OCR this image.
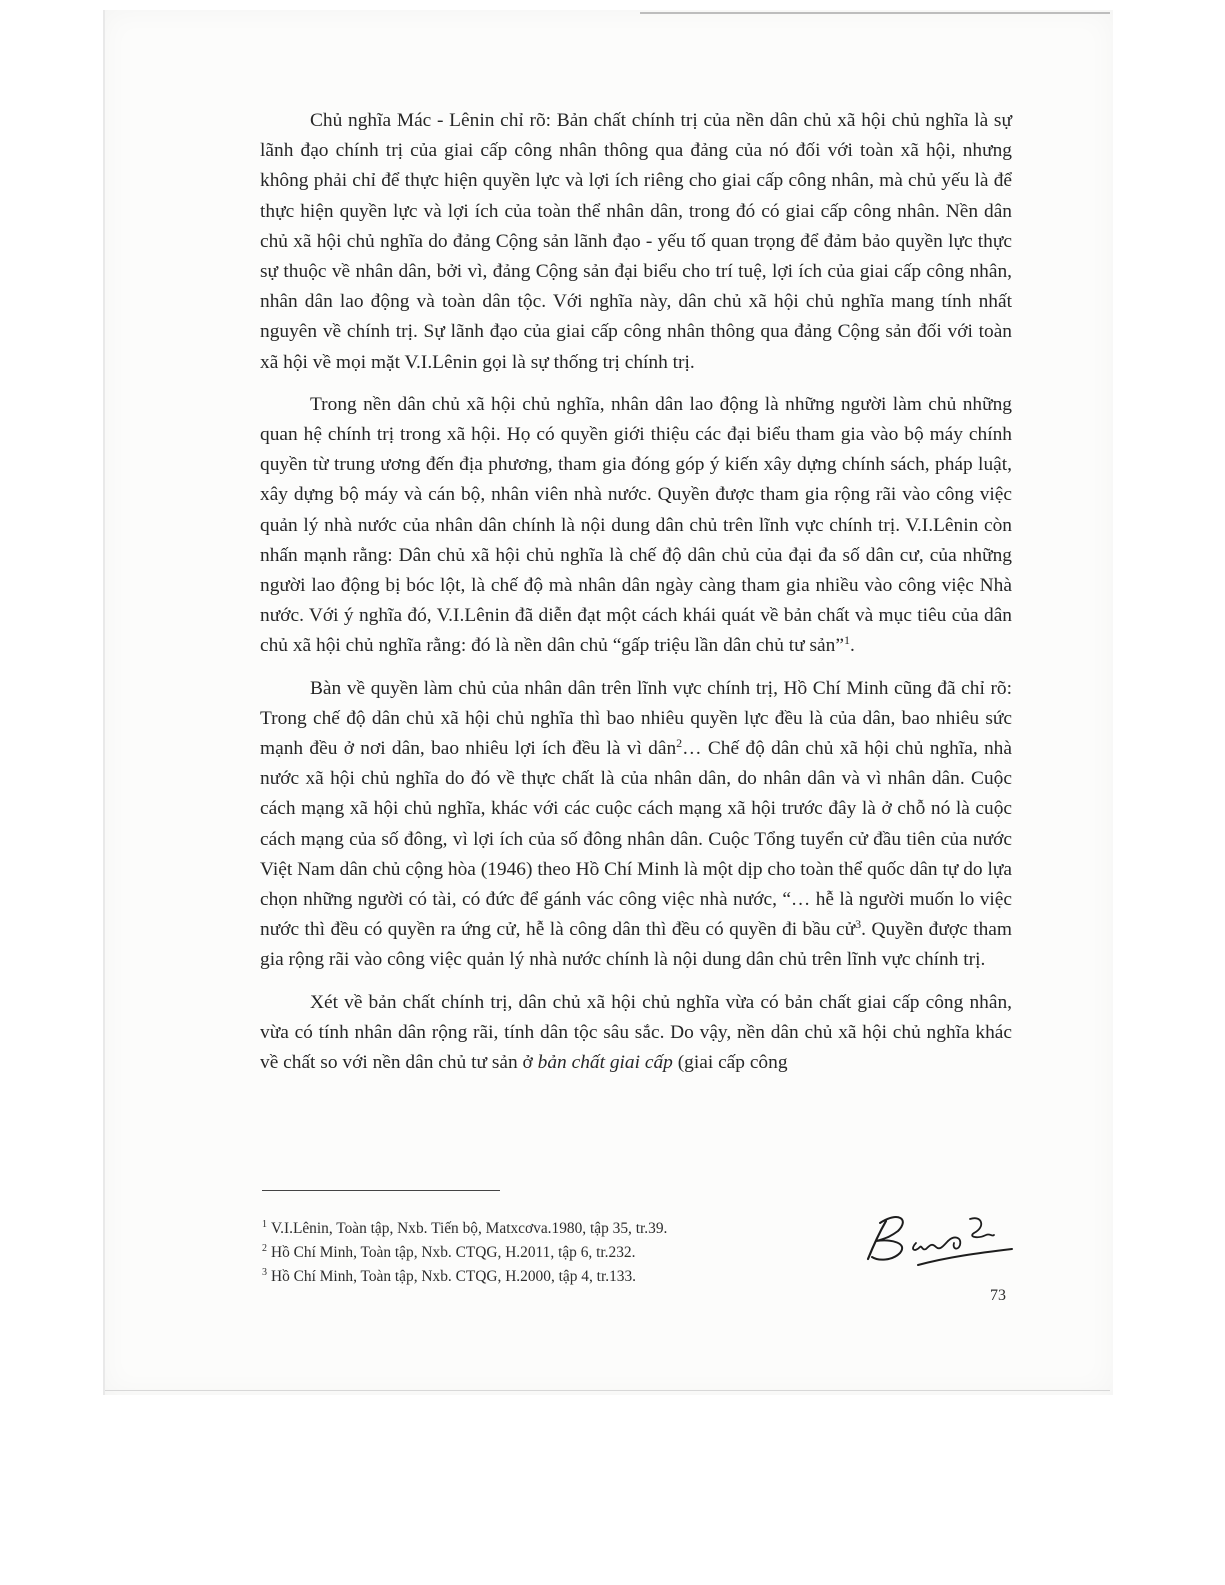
Chủ nghĩa Mác - Lênin chỉ rõ: Bản chất chính trị của nền dân chủ xã hội chủ nghĩa là sự lãnh đạo chính trị của giai cấp công nhân thông qua đảng của nó đối với toàn xã hội, nhưng không phải chỉ để thực hiện quyền lực và lợi ích riêng cho giai cấp công nhân, mà chủ yếu là để thực hiện quyền lực và lợi ích của toàn thể nhân dân, trong đó có giai cấp công nhân. Nền dân chủ xã hội chủ nghĩa do đảng Cộng sản lãnh đạo - yếu tố quan trọng để đảm bảo quyền lực thực sự thuộc về nhân dân, bởi vì, đảng Cộng sản đại biểu cho trí tuệ, lợi ích của giai cấp công nhân, nhân dân lao động và toàn dân tộc. Với nghĩa này, dân chủ xã hội chủ nghĩa mang tính nhất nguyên về chính trị. Sự lãnh đạo của giai cấp công nhân thông qua đảng Cộng sản đối với toàn xã hội về mọi mặt V.I.Lênin gọi là sự thống trị chính trị.

Trong nền dân chủ xã hội chủ nghĩa, nhân dân lao động là những người làm chủ những quan hệ chính trị trong xã hội. Họ có quyền giới thiệu các đại biểu tham gia vào bộ máy chính quyền từ trung ương đến địa phương, tham gia đóng góp ý kiến xây dựng chính sách, pháp luật, xây dựng bộ máy và cán bộ, nhân viên nhà nước. Quyền được tham gia rộng rãi vào công việc quản lý nhà nước của nhân dân chính là nội dung dân chủ trên lĩnh vực chính trị. V.I.Lênin còn nhấn mạnh rằng: Dân chủ xã hội chủ nghĩa là chế độ dân chủ của đại đa số dân cư, của những người lao động bị bóc lột, là chế độ mà nhân dân ngày càng tham gia nhiều vào công việc Nhà nước. Với ý nghĩa đó, V.I.Lênin đã diễn đạt một cách khái quát về bản chất và mục tiêu của dân chủ xã hội chủ nghĩa rằng: đó là nền dân chủ “gấp triệu lần dân chủ tư sản”$^1$.

Bàn về quyền làm chủ của nhân dân trên lĩnh vực chính trị, Hồ Chí Minh cũng đã chỉ rõ: Trong chế độ dân chủ xã hội chủ nghĩa thì bao nhiêu quyền lực đều là của dân, bao nhiêu sức mạnh đều ở nơi dân, bao nhiêu lợi ích đều là vì dân$^2$… Chế độ dân chủ xã hội chủ nghĩa, nhà nước xã hội chủ nghĩa do đó về thực chất là của nhân dân, do nhân dân và vì nhân dân. Cuộc cách mạng xã hội chủ nghĩa, khác với các cuộc cách mạng xã hội trước đây là ở chỗ nó là cuộc cách mạng của số đông, vì lợi ích của số đông nhân dân. Cuộc Tổng tuyển cử đầu tiên của nước Việt Nam dân chủ cộng hòa (1946) theo Hồ Chí Minh là một dịp cho toàn thể quốc dân tự do lựa chọn những người có tài, có đức để gánh vác công việc nhà nước, “… hễ là người muốn lo việc nước thì đều có quyền ra ứng cử, hễ là công dân thì đều có quyền đi bầu cử$^3$. Quyền được tham gia rộng rãi vào công việc quản lý nhà nước chính là nội dung dân chủ trên lĩnh vực chính trị.

Xét về bản chất chính trị, dân chủ xã hội chủ nghĩa vừa có bản chất giai cấp công nhân, vừa có tính nhân dân rộng rãi, tính dân tộc sâu sắc. Do vậy, nền dân chủ xã hội chủ nghĩa khác về chất so với nền dân chủ tư sản ở bản chất giai cấp (giai cấp công

$^1$ V.I.Lênin, Toàn tập, Nxb. Tiến bộ, Matxcơva.1980, tập 35, tr.39.
$^2$ Hồ Chí Minh, Toàn tập, Nxb. CTQG, H.2011, tập 6, tr.232.
$^3$ Hồ Chí Minh, Toàn tập, Nxb. CTQG, H.2000, tập 4, tr.133.
73
